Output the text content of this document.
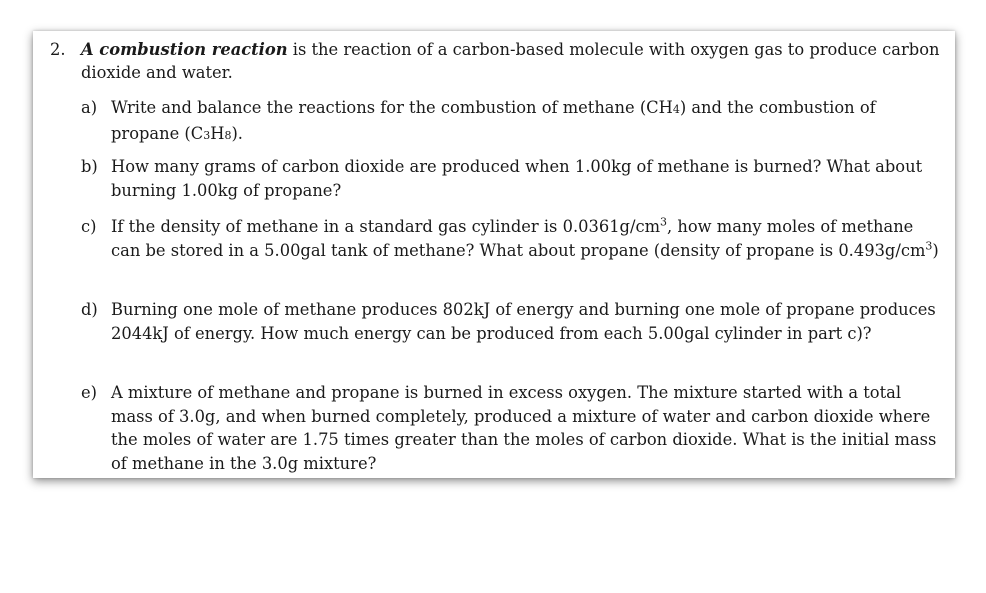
2. A combustion reaction is the reaction of a carbon-based molecule with oxygen gas to produce carbon dioxide and water.
a) Write and balance the reactions for the combustion of methane (CH4) and the combustion of propane (C3H8).
b) How many grams of carbon dioxide are produced when 1.00kg of methane is burned? What about burning 1.00kg of propane?
c) If the density of methane in a standard gas cylinder is $0.0361g/cm^3$, how many moles of methane can be stored in a 5.00gal tank of methane? What about propane (density of propane is $0.493g/cm^3$)
d) Burning one mole of methane produces 802kJ of energy and burning one mole of propane produces 2044kJ of energy. How much energy can be produced from each 5.00gal cylinder in part c)?
e) A mixture of methane and propane is burned in excess oxygen. The mixture started with a total mass of 3.0g, and when burned completely, produced a mixture of water and carbon dioxide where the moles of water are 1.75 times greater than the moles of carbon dioxide. What is the initial mass of methane in the 3.0g mixture?
